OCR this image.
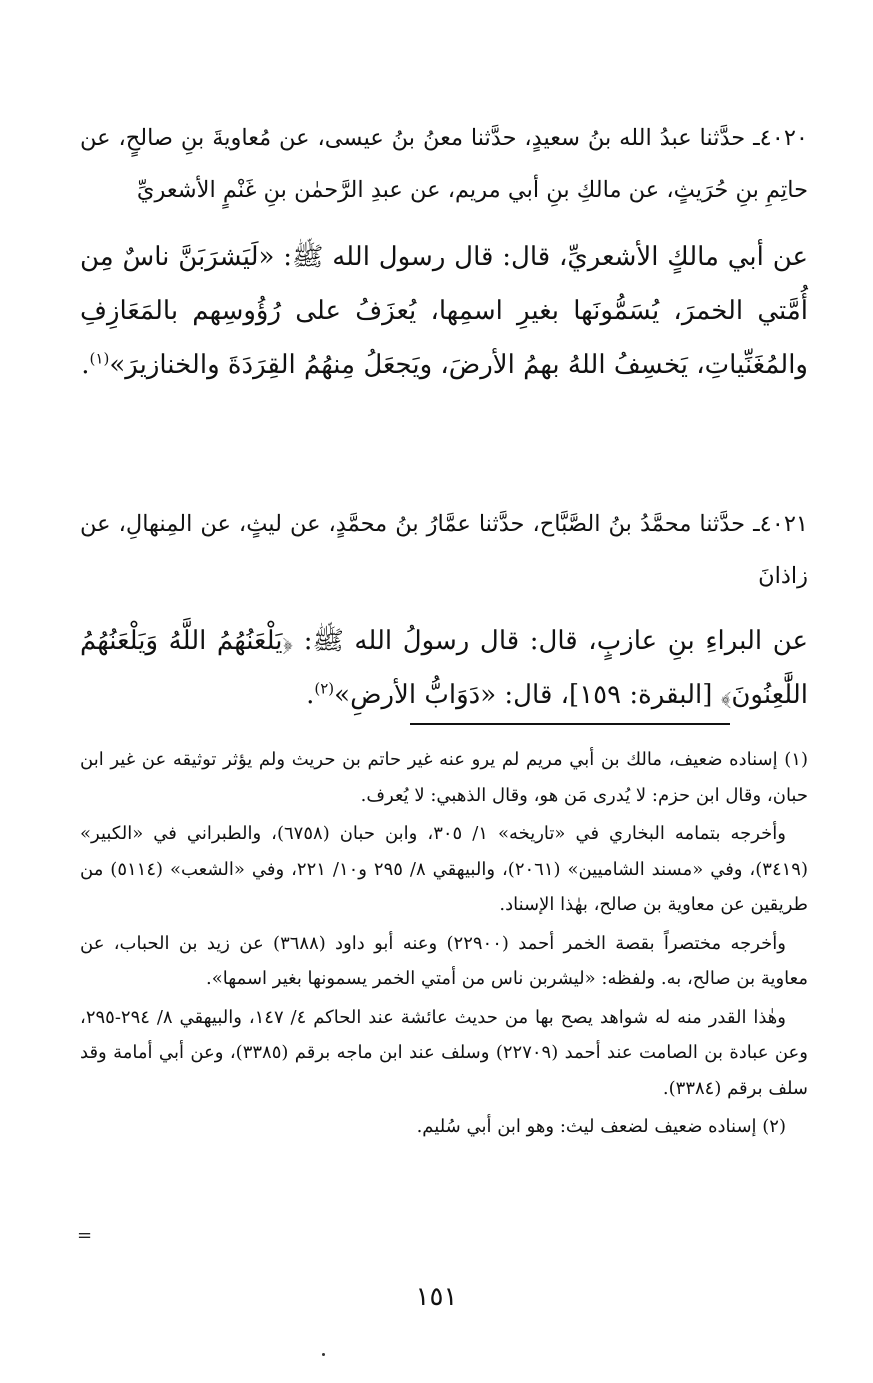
٤٠٢٠ـ حدَّثنا عبدُ الله بنُ سعيدٍ، حدَّثنا معنُ بنُ عيسى، عن مُعاويةَ بنِ صالحٍ، عن حاتِمِ بنِ حُرَيثٍ، عن مالكِ بنِ أبي مريم، عن عبدِ الرَّحمٰن بنِ غَنْمٍ الأشعريِّ
عن أبي مالكٍ الأشعريِّ، قال: قال رسول الله ﷺ: «لَيَشرَبَنَّ ناسٌ مِن أُمَّتي الخمرَ، يُسَمُّونَها بغيرِ اسمِها، يُعزَفُ على رُؤُوسِهم بالمَعَازِفِ والمُغَنِّياتِ، يَخسِفُ اللهُ بهمُ الأرضَ، ويَجعَلُ مِنهُمُ القِرَدَةَ والخنازيرَ»$^{(١)}$.
٤٠٢١ـ حدَّثنا محمَّدُ بنُ الصَّبَّاح، حدَّثنا عمَّارُ بنُ محمَّدٍ، عن ليثٍ، عن المِنهالِ، عن زاذانَ
عن البراءِ بنِ عازبٍ، قال: قال رسولُ الله ﷺ: ﴿يَلْعَنُهُمُ اللَّهُ وَيَلْعَنُهُمُ اللَّٰعِنُونَ﴾ [البقرة: ١٥٩]، قال: «دَوَابُّ الأرضِ»$^{(٢)}$.

(١) إسناده ضعيف، مالك بن أبي مريم لم يرو عنه غير حاتم بن حريث ولم يؤثر توثيقه عن غير ابن حبان، وقال ابن حزم: لا يُدرى مَن هو، وقال الذهبي: لا يُعرف.

وأخرجه بتمامه البخاري في «تاريخه» ١/ ٣٠٥، وابن حبان (٦٧٥٨)، والطبراني في «الكبير» (٣٤١٩)، وفي «مسند الشاميين» (٢٠٦١)، والبيهقي ٨/ ٢٩٥ و١٠/ ٢٢١، وفي «الشعب» (٥١١٤) من طريقين عن معاوية بن صالح، بهٰذا الإسناد.

وأخرجه مختصراً بقصة الخمر أحمد (٢٢٩٠٠) وعنه أبو داود (٣٦٨٨) عن زيد بن الحباب، عن معاوية بن صالح، به. ولفظه: «ليشربن ناس من أمتي الخمر يسمونها بغير اسمها».

وهٰذا القدر منه له شواهد يصح بها من حديث عائشة عند الحاكم ٤/ ١٤٧، والبيهقي ٨/ ٢٩٤-٢٩٥، وعن عبادة بن الصامت عند أحمد (٢٢٧٠٩) وسلف عند ابن ماجه برقم (٣٣٨٥)، وعن أبي أمامة وقد سلف برقم (٣٣٨٤).

(٢) إسناده ضعيف لضعف ليث: وهو ابن أبي سُليم.

=
١٥١
